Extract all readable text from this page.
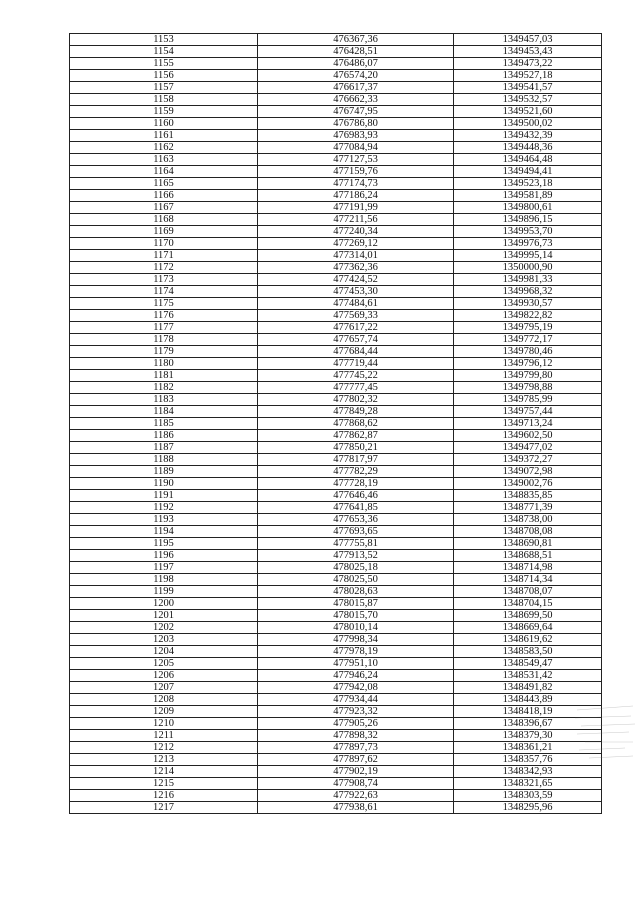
1153	476367,36	1349457,03
1154	476428,51	1349453,43
1155	476486,07	1349473,22
1156	476574,20	1349527,18
1157	476617,37	1349541,57
1158	476662,33	1349532,57
1159	476747,95	1349521,60
1160	476786,80	1349500,02
1161	476983,93	1349432,39
1162	477084,94	1349448,36
1163	477127,53	1349464,48
1164	477159,76	1349494,41
1165	477174,73	1349523,18
1166	477186,24	1349581,89
1167	477191,99	1349800,61
1168	477211,56	1349896,15
1169	477240,34	1349953,70
1170	477269,12	1349976,73
1171	477314,01	1349995,14
1172	477362,36	1350000,90
1173	477424,52	1349981,33
1174	477453,30	1349968,32
1175	477484,61	1349930,57
1176	477569,33	1349822,82
1177	477617,22	1349795,19
1178	477657,74	1349772,17
1179	477684,44	1349780,46
1180	477719,44	1349796,12
1181	477745,22	1349799,80
1182	477777,45	1349798,88
1183	477802,32	1349785,99
1184	477849,28	1349757,44
1185	477868,62	1349713,24
1186	477862,87	1349602,50
1187	477850,21	1349477,02
1188	477817,97	1349372,27
1189	477782,29	1349072,98
1190	477728,19	1349002,76
1191	477646,46	1348835,85
1192	477641,85	1348771,39
1193	477653,36	1348738,00
1194	477693,65	1348708,08
1195	477755,81	1348690,81
1196	477913,52	1348688,51
1197	478025,18	1348714,98
1198	478025,50	1348714,34
1199	478028,63	1348708,07
1200	478015,87	1348704,15
1201	478015,70	1348699,50
1202	478010,14	1348669,64
1203	477998,34	1348619,62
1204	477978,19	1348583,50
1205	477951,10	1348549,47
1206	477946,24	1348531,42
1207	477942,08	1348491,82
1208	477934,44	1348443,89
1209	477923,32	1348418,19
1210	477905,26	1348396,67
1211	477898,32	1348379,30
1212	477897,73	1348361,21
1213	477897,62	1348357,76
1214	477902,19	1348342,93
1215	477908,74	1348321,65
1216	477922,63	1348303,59
1217	477938,61	1348295,96
